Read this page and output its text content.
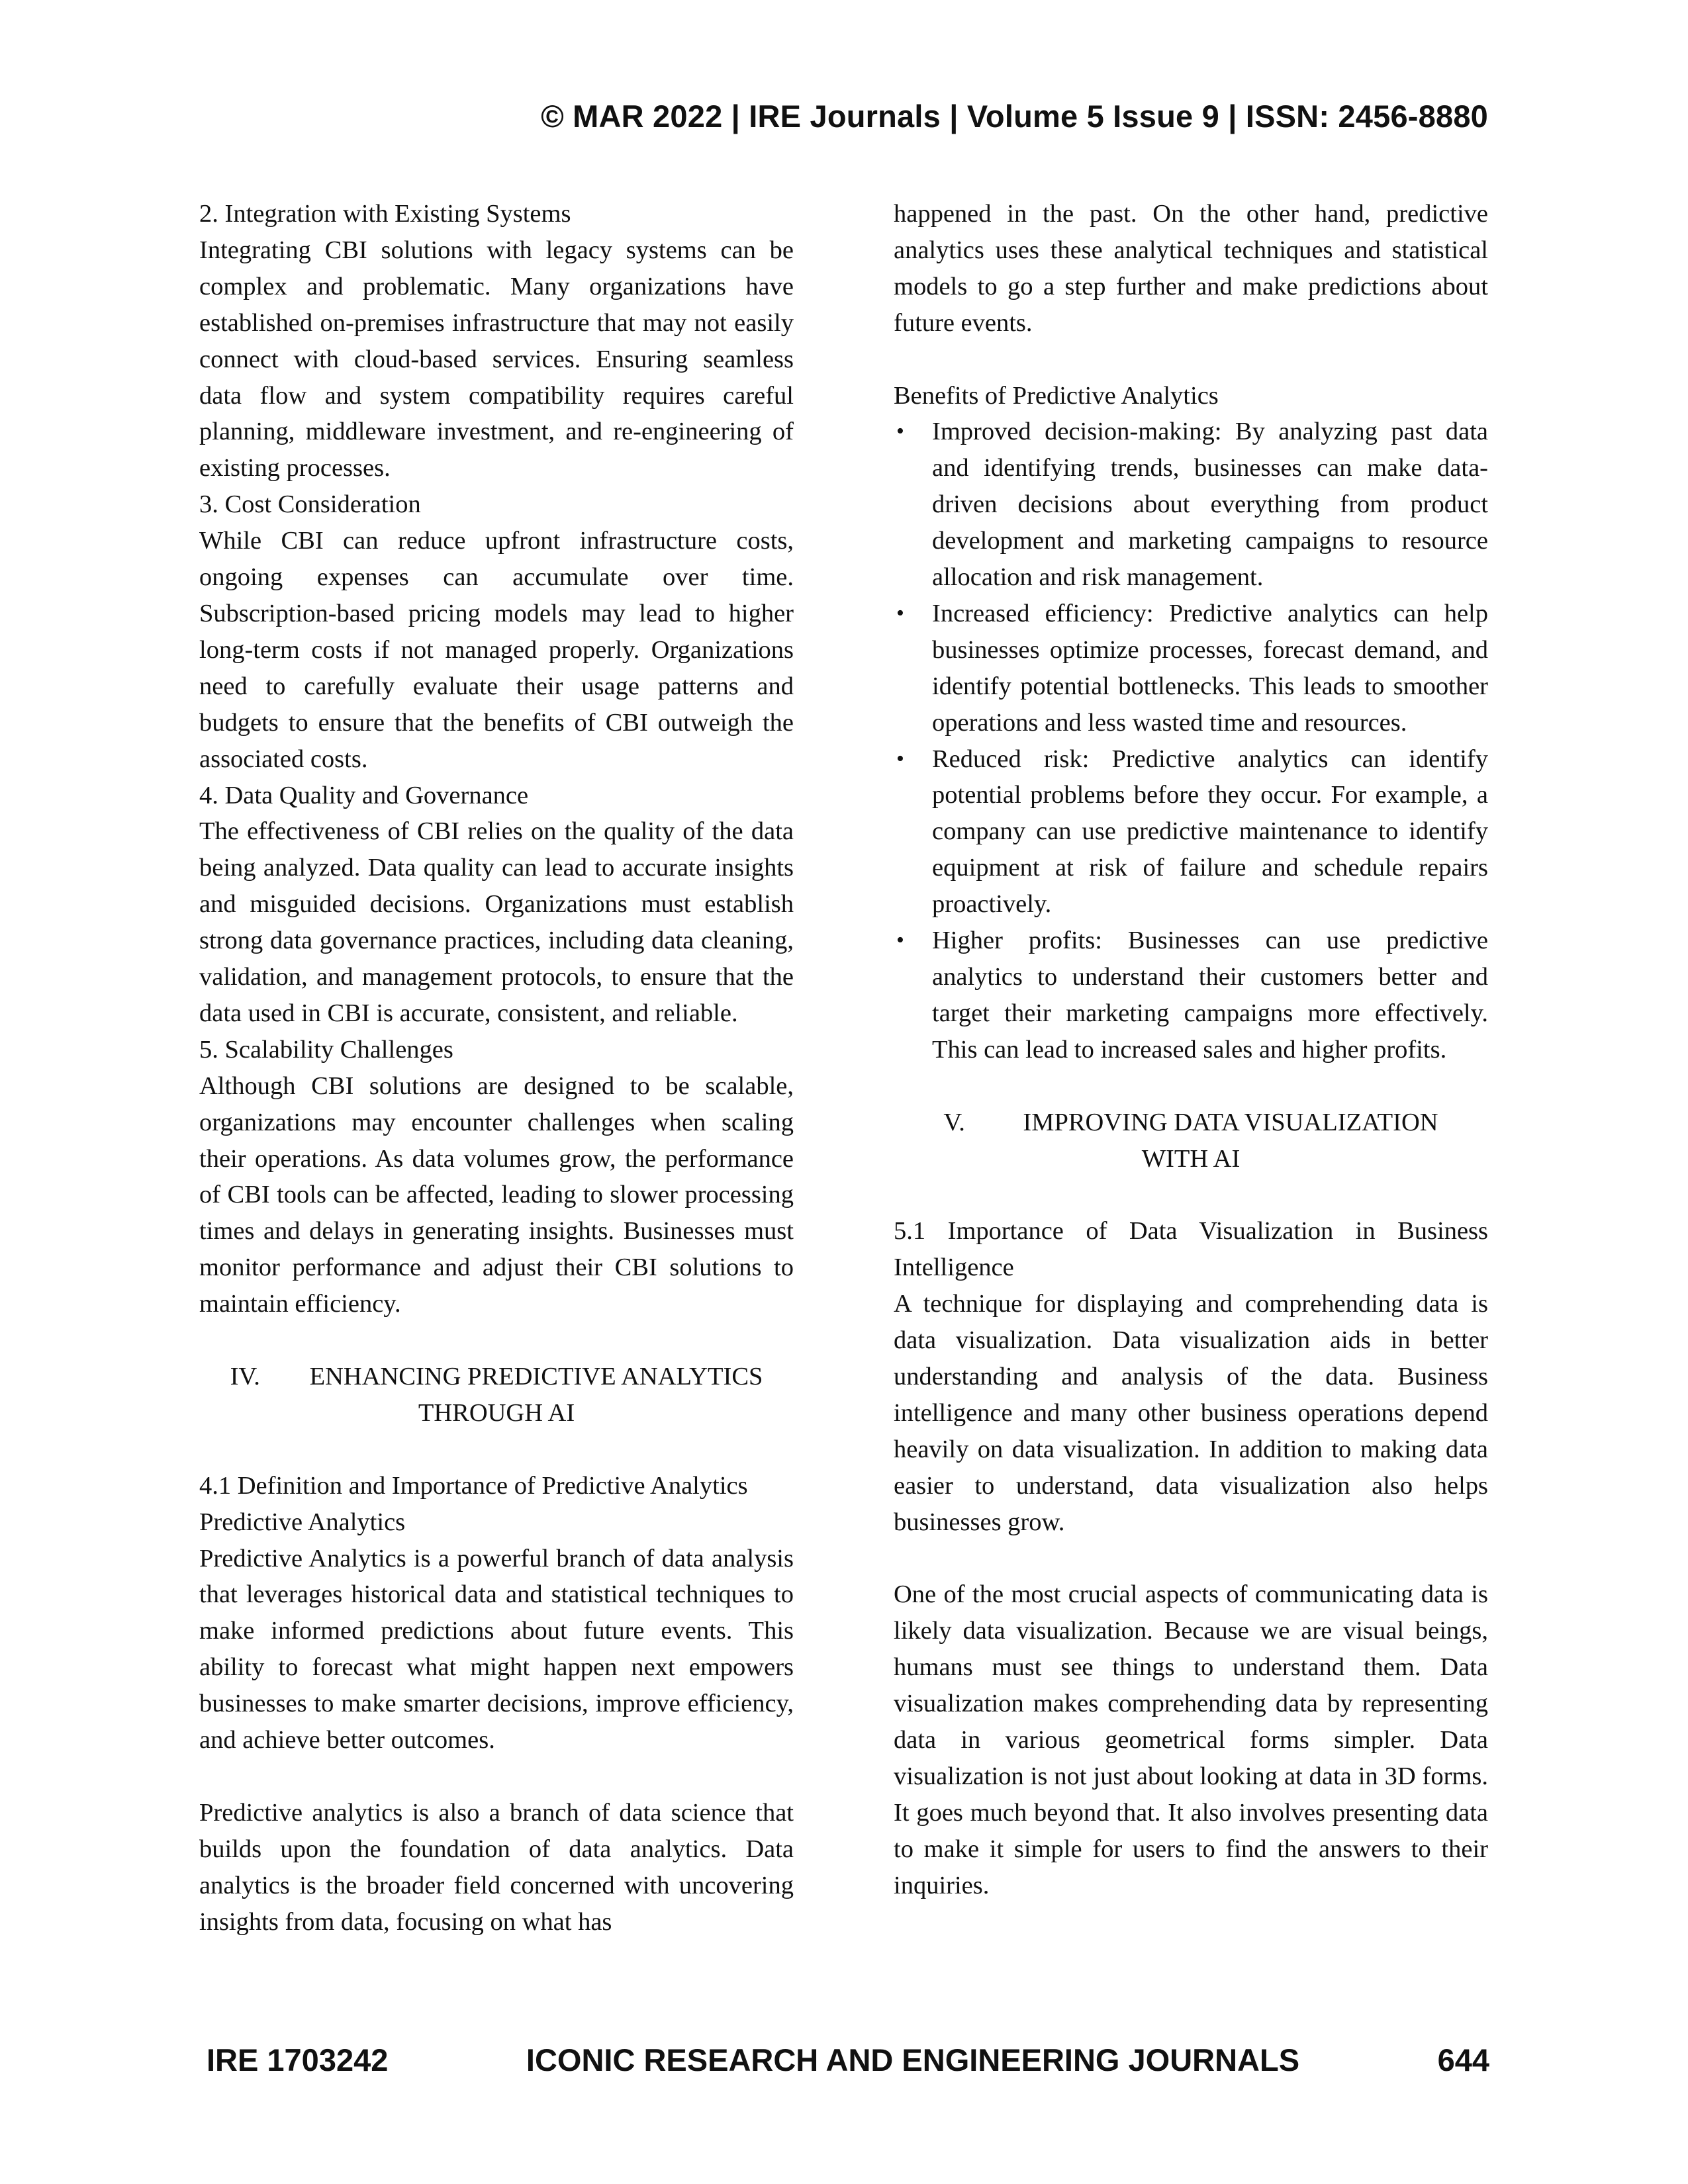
© MAR 2022 | IRE Journals | Volume 5 Issue 9 | ISSN: 2456-8880

2. Integration with Existing Systems

Integrating CBI solutions with legacy systems can be complex and problematic. Many organizations have established on-premises infrastructure that may not easily connect with cloud-based services. Ensuring seamless data flow and system compatibility requires careful planning, middleware investment, and re-engineering of existing processes.

3. Cost Consideration

While CBI can reduce upfront infrastructure costs, ongoing expenses can accumulate over time. Subscription-based pricing models may lead to higher long-term costs if not managed properly. Organizations need to carefully evaluate their usage patterns and budgets to ensure that the benefits of CBI outweigh the associated costs.

4. Data Quality and Governance

The effectiveness of CBI relies on the quality of the data being analyzed. Data quality can lead to accurate insights and misguided decisions. Organizations must establish strong data governance practices, including data cleaning, validation, and management protocols, to ensure that the data used in CBI is accurate, consistent, and reliable.

5. Scalability Challenges

Although CBI solutions are designed to be scalable, organizations may encounter challenges when scaling their operations. As data volumes grow, the performance of CBI tools can be affected, leading to slower processing times and delays in generating insights. Businesses must monitor performance and adjust their CBI solutions to maintain efficiency.

IV. ENHANCING PREDICTIVE ANALYTICS

THROUGH AI

4.1 Definition and Importance of Predictive Analytics

Predictive Analytics

Predictive Analytics is a powerful branch of data analysis that leverages historical data and statistical techniques to make informed predictions about future events. This ability to forecast what might happen next empowers businesses to make smarter decisions, improve efficiency, and achieve better outcomes.

Predictive analytics is also a branch of data science that builds upon the foundation of data analytics. Data analytics is the broader field concerned with uncovering insights from data, focusing on what has

happened in the past. On the other hand, predictive analytics uses these analytical techniques and statistical models to go a step further and make predictions about future events.

Benefits of Predictive Analytics

• Improved decision-making: By analyzing past data and identifying trends, businesses can make data-driven decisions about everything from product development and marketing campaigns to resource allocation and risk management.
• Increased efficiency: Predictive analytics can help businesses optimize processes, forecast demand, and identify potential bottlenecks. This leads to smoother operations and less wasted time and resources.
• Reduced risk: Predictive analytics can identify potential problems before they occur. For example, a company can use predictive maintenance to identify equipment at risk of failure and schedule repairs proactively.
• Higher profits: Businesses can use predictive analytics to understand their customers better and target their marketing campaigns more effectively. This can lead to increased sales and higher profits.

V. IMPROVING DATA VISUALIZATION

WITH AI

5.1 Importance of Data Visualization in Business Intelligence

A technique for displaying and comprehending data is data visualization. Data visualization aids in better understanding and analysis of the data. Business intelligence and many other business operations depend heavily on data visualization. In addition to making data easier to understand, data visualization also helps businesses grow.

One of the most crucial aspects of communicating data is likely data visualization. Because we are visual beings, humans must see things to understand them. Data visualization makes comprehending data by representing data in various geometrical forms simpler. Data visualization is not just about looking at data in 3D forms. It goes much beyond that. It also involves presenting data to make it simple for users to find the answers to their inquiries.

IRE 1703242	ICONIC RESEARCH AND ENGINEERING JOURNALS	644
